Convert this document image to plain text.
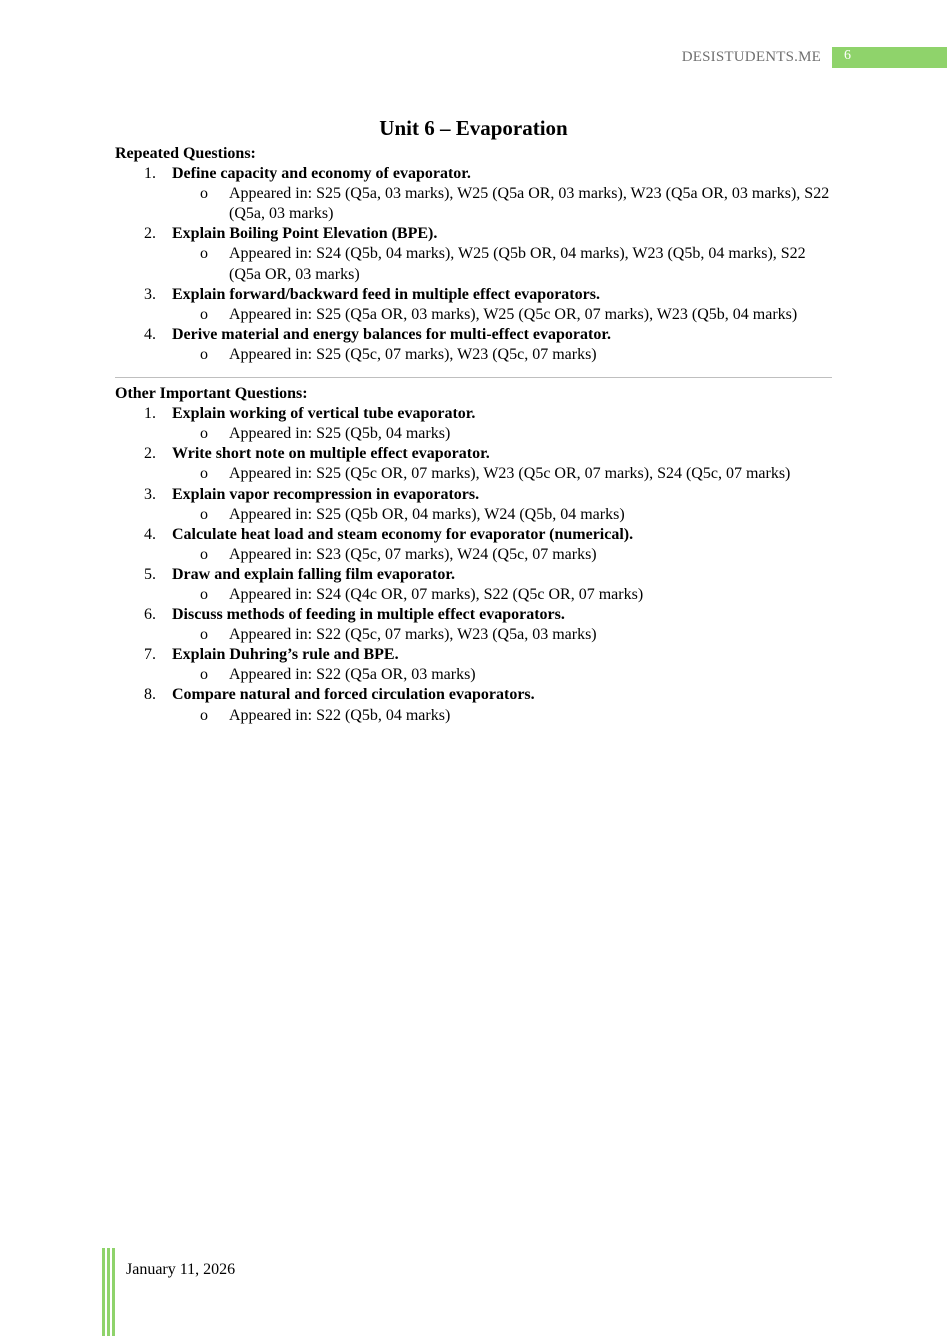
DESISTUDENTS.ME	6
Unit 6 – Evaporation
Repeated Questions:
1. Define capacity and economy of evaporator.
o Appeared in: S25 (Q5a, 03 marks), W25 (Q5a OR, 03 marks), W23 (Q5a OR, 03 marks), S22 (Q5a, 03 marks)
2. Explain Boiling Point Elevation (BPE).
o Appeared in: S24 (Q5b, 04 marks), W25 (Q5b OR, 04 marks), W23 (Q5b, 04 marks), S22 (Q5a OR, 03 marks)
3. Explain forward/backward feed in multiple effect evaporators.
o Appeared in: S25 (Q5a OR, 03 marks), W25 (Q5c OR, 07 marks), W23 (Q5b, 04 marks)
4. Derive material and energy balances for multi-effect evaporator.
o Appeared in: S25 (Q5c, 07 marks), W23 (Q5c, 07 marks)
Other Important Questions:
1. Explain working of vertical tube evaporator.
o Appeared in: S25 (Q5b, 04 marks)
2. Write short note on multiple effect evaporator.
o Appeared in: S25 (Q5c OR, 07 marks), W23 (Q5c OR, 07 marks), S24 (Q5c, 07 marks)
3. Explain vapor recompression in evaporators.
o Appeared in: S25 (Q5b OR, 04 marks), W24 (Q5b, 04 marks)
4. Calculate heat load and steam economy for evaporator (numerical).
o Appeared in: S23 (Q5c, 07 marks), W24 (Q5c, 07 marks)
5. Draw and explain falling film evaporator.
o Appeared in: S24 (Q4c OR, 07 marks), S22 (Q5c OR, 07 marks)
6. Discuss methods of feeding in multiple effect evaporators.
o Appeared in: S22 (Q5c, 07 marks), W23 (Q5a, 03 marks)
7. Explain Duhring’s rule and BPE.
o Appeared in: S22 (Q5a OR, 03 marks)
8. Compare natural and forced circulation evaporators.
o Appeared in: S22 (Q5b, 04 marks)
January 11, 2026
